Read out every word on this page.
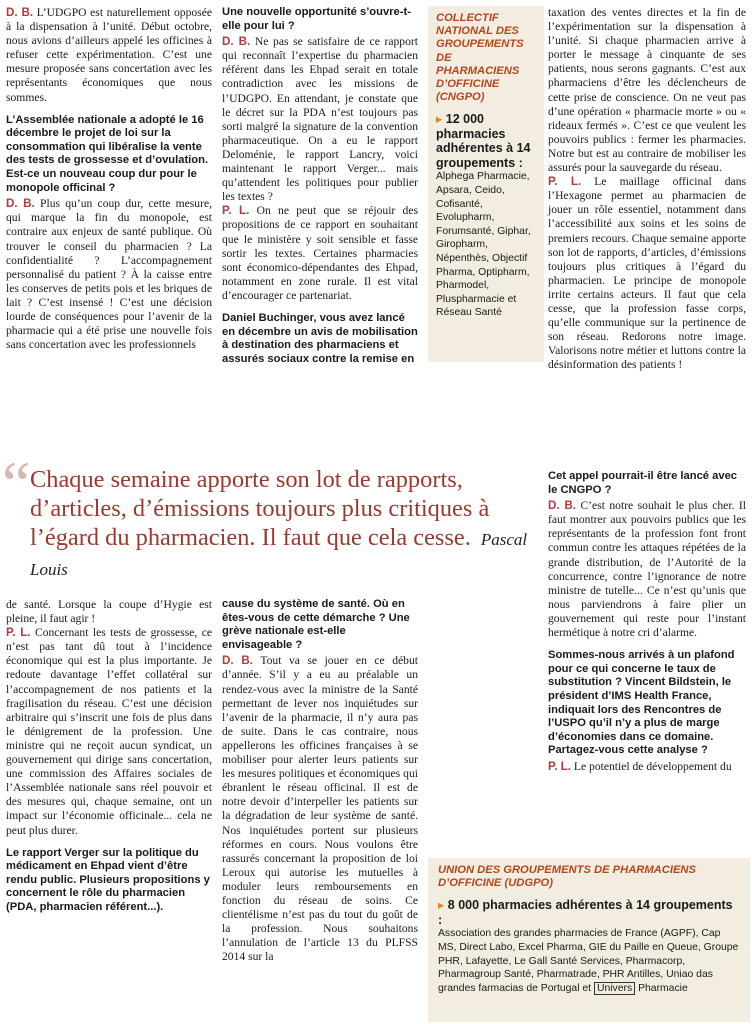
D. B. L’UDGPO est naturellement opposée à la dispensation à l’unité. Début octobre, nous avions d’ailleurs appelé les officines à refuser cette expérimentation. C’est une mesure proposée sans concertation avec les représentants économiques que nous sommes.

L’Assemblée nationale a adopté le 16 décembre le projet de loi sur la consommation qui libéralise la vente des tests de grossesse et d’ovulation. Est-ce un nouveau coup dur pour le monopole officinal ?

D. B. Plus qu’un coup dur, cette mesure, qui marque la fin du monopole, est contraire aux enjeux de santé publique. Où trouver le conseil du pharmacien ? La confidentialité ? L’accompagnement personnalisé du patient ? À la caisse entre les conserves de petits pois et les briques de lait ? C’est insensé ! C’est une décision lourde de conséquences pour l’avenir de la pharmacie qui a été prise une nouvelle fois sans concertation avec les professionnels

Une nouvelle opportunité s’ouvre-t-elle pour lui ?

D. B. Ne pas se satisfaire de ce rapport qui reconnaît l’expertise du pharmacien référent dans les Ehpad serait en totale contradiction avec les missions de l’UDGPO. En attendant, je constate que le décret sur la PDA n’est toujours pas sorti malgré la signature de la convention pharmaceutique. On a eu le rapport Deloménie, le rapport Lancry, voici maintenant le rapport Verger... mais qu’attendent les politiques pour publier les textes ?

P. L. On ne peut que se réjouir des propositions de ce rapport en souhaitant que le ministère y soit sensible et fasse sortir les textes. Certaines pharmacies sont économico-dépendantes des Ehpad, notamment en zone rurale. Il est vital d’encourager ce partenariat.

Daniel Buchinger, vous avez lancé en décembre un avis de mobilisation à destination des pharmaciens et assurés sociaux contre la remise en

COLLECTIF NATIONAL DES GROUPEMENTS DE PHARMACIENS D’OFFICINE (CNGPO)
▸ 12 000 pharmacies adhérentes à 14 groupements :
Alphega Pharmacie, Apsara, Ceido, Cofisanté, Evolupharm, Forumsanté, Giphar, Giropharm, Népenthès, Objectif Pharma, Optipharm, Pharmodel, Pluspharmacie et Réseau Santé

taxation des ventes directes et la fin de l’expérimentation sur la dispensation à l’unité. Si chaque pharmacien arrive à porter le message à cinquante de ses patients, nous serons gagnants. C’est aux pharmaciens d’être les déclencheurs de cette prise de conscience. On ne veut pas d’une opération « pharmacie morte » ou « rideaux fermés ». C’est ce que veulent les pouvoirs publics : fermer les pharmacies. Notre but est au contraire de mobiliser les assurés pour la sauvegarde du réseau.

P. L. Le maillage officinal dans l’Hexagone permet au pharmacien de jouer un rôle essentiel, notamment dans l’accessibilité aux soins et les soins de premiers recours. Chaque semaine apporte son lot de rapports, d’articles, d’émissions toujours plus critiques à l’égard du pharmacien. Le principe de monopole irrite certains acteurs. Il faut que cela cesse, que la profession fasse corps, qu’elle communique sur la pertinence de son réseau. Redorons notre image. Valorisons notre métier et luttons contre la désinformation des patients !

“ Chaque semaine apporte son lot de rapports, d’articles, d’émissions toujours plus critiques à l’égard du pharmacien. Il faut que cela cesse. Pascal Louis

de santé. Lorsque la coupe d’Hygie est pleine, il faut agir !

P. L. Concernant les tests de grossesse, ce n’est pas tant dû tout à l’incidence économique qui est la plus importante. Je redoute davantage l’effet collatéral sur l’accompagnement de nos patients et la fragilisation du réseau. C’est une décision arbitraire qui s’inscrit une fois de plus dans le dénigrement de la profession. Une ministre qui ne reçoit aucun syndicat, un gouvernement qui dirige sans concertation, une commission des Affaires sociales de l’Assemblée nationale sans réel pouvoir et des mesures qui, chaque semaine, ont un impact sur l’économie officinale... cela ne peut plus durer.

Le rapport Verger sur la politique du médicament en Ehpad vient d’être rendu public. Plusieurs propositions y concernent le rôle du pharmacien (PDA, pharmacien référent...).

cause du système de santé. Où en êtes-vous de cette démarche ? Une grève nationale est-elle envisageable ?

D. B. Tout va se jouer en ce début d’année. S’il y a eu au préalable un rendez-vous avec la ministre de la Santé permettant de lever nos inquiétudes sur l’avenir de la pharmacie, il n’y aura pas de suite. Dans le cas contraire, nous appellerons les officines françaises à se mobiliser pour alerter leurs patients sur les mesures politiques et économiques qui ébranlent le réseau officinal. Il est de notre devoir d’interpeller les patients sur la dégradation de leur système de santé. Nos inquiétudes portent sur plusieurs réformes en cours. Nous voulons être rassurés concernant la proposition de loi Leroux qui autorise les mutuelles à moduler leurs remboursements en fonction du réseau de soins. Ce clientélisme n’est pas du tout du goût de la profession. Nous souhaitons l’annulation de l’article 13 du PLFSS 2014 sur la

Cet appel pourrait-il être lancé avec le CNGPO ?

D. B. C’est notre souhait le plus cher. Il faut montrer aux pouvoirs publics que les représentants de la profession font front commun contre les attaques répétées de la grande distribution, de l’Autorité de la concurrence, contre l’ignorance de notre ministre de tutelle... Ce n’est qu’unis que nous parviendrons à faire plier un gouvernement qui reste pour l’instant hermétique à notre cri d’alarme.

Sommes-nous arrivés à un plafond pour ce qui concerne le taux de substitution ? Vincent Bildstein, le président d’IMS Health France, indiquait lors des Rencontres de l’USPO qu’il n’y a plus de marge d’économies dans ce domaine. Partagez-vous cette analyse ?

P. L. Le potentiel de développement du

UNION DES GROUPEMENTS DE PHARMACIENS D’OFFICINE (UDGPO)
▸ 8 000 pharmacies adhérentes à 14 groupements :
Association des grandes pharmacies de France (AGPF), Cap MS, Direct Labo, Excel Pharma, GIE du Paille en Queue, Groupe PHR, Lafayette, Le Gall Santé Services, Pharmacorp, Pharmagroup Santé, Pharmatrade, PHR Antilles, Uniao das grandes farmacias de Portugal et Univers Pharmacie
